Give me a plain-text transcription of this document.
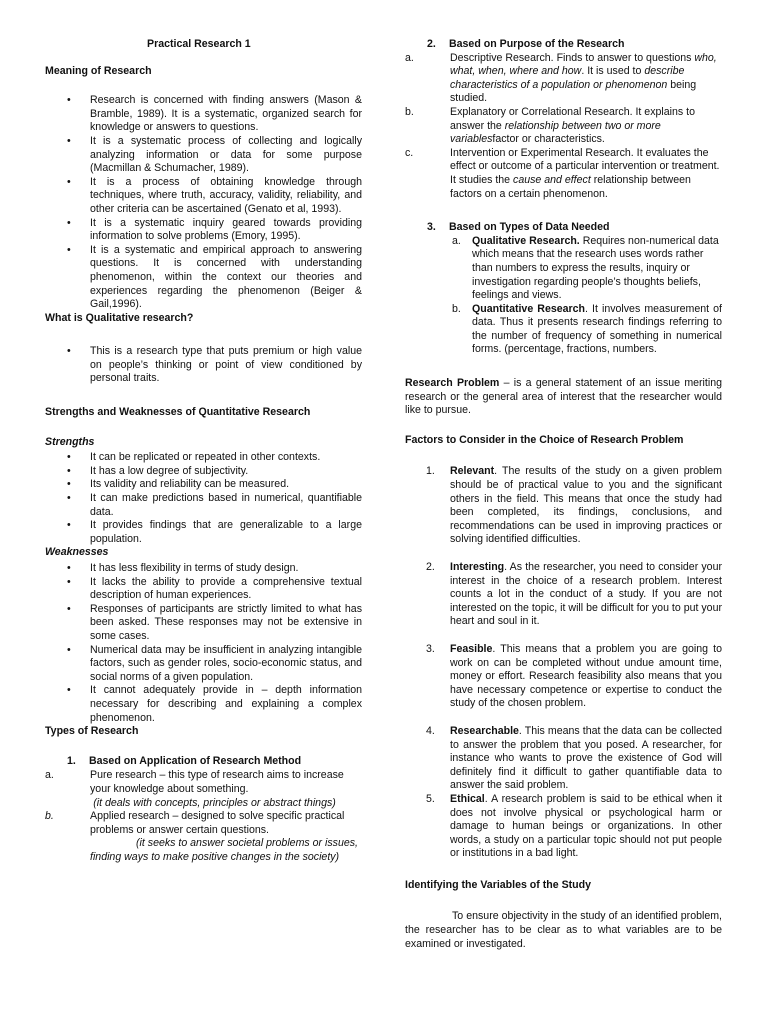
Practical Research 1

Meaning of Research

• Research is concerned with finding answers (Mason & Bramble, 1989). It is a systematic, organized search for knowledge or answers to questions.
• It is a systematic process of collecting and logically analyzing information or data for some purpose (Macmillan & Schumacher, 1989).
• It is a process of obtaining knowledge through techniques, where truth, accuracy, validity, reliability, and other criteria can be ascertained (Genato et al, 1993).
• It is a systematic inquiry geared towards providing information to solve problems (Emory, 1995).
• It is a systematic and empirical approach to answering questions. It is concerned with understanding phenomenon, within the context our theories and experiences regarding the phenomenon (Beiger & Gail,1996).

What is Qualitative research?

• This is a research type that puts premium or high value on people’s thinking or point of view conditioned by personal traits.

Strengths and Weaknesses of Quantitative Research

Strengths

• It can be replicated or repeated in other contexts.
• It has a low degree of subjectivity.
• Its validity and reliability can be measured.
• It can make predictions based in numerical, quantifiable data.
• It provides findings that are generalizable to a large population.

Weaknesses

• It has less flexibility in terms of study design.
• It lacks the ability to provide a comprehensive textual description of human experiences.
• Responses of participants are strictly limited to what has been asked. These responses may not be extensive in some cases.
• Numerical data may be insufficient in analyzing intangible factors, such as gender roles, socio-economic status, and social norms of a given population.
• It cannot adequately provide in – depth information necessary for describing and explaining a complex phenomenon.

Types of Research

1.	Based on Application of Research Method
a.	Pure research – this type of research aims to increase your knowledge about something.

(it deals with concepts, principles or abstract things)

b.	Applied research – designed to solve specific practical problems or answer certain questions.

(it seeks to answer societal problems or issues, finding ways to make positive changes in the society)

2.	Based on Purpose of the Research
a.	Descriptive Research. Finds to answer to questions who, what, when, where and how. It is used to describe characteristics of a population or phenomenon being studied.
b.	Explanatory or Correlational Research. It explains to answer the relationship between two or more variablesfactor or characteristics.
c.	Intervention or Experimental Research. It evaluates the effect or outcome of a particular intervention or treatment. It studies the cause and effect relationship between factors on a certain phenomenon.
3.	Based on Types of Data Needed
a.	Qualitative Research. Requires non-numerical data which means that the research uses words rather than numbers to express the results, inquiry or investigation regarding people’s thoughts beliefs, feelings and views.
b.	Quantitative Research. It involves measurement of data. Thus it presents research findings referring to the number of frequency of something in numerical forms. (percentage, fractions, numbers.

Research Problem – is a general statement of an issue meriting research or the general area of interest that the researcher would like to pursue.

Factors to Consider in the Choice of Research Problem

1.	Relevant. The results of the study on a given problem should be of practical value to you and the significant others in the field. This means that once the study had been completed, its findings, conclusions, and recommendations can be used in improving practices or solving identified difficulties.
2.	Interesting. As the researcher, you need to consider your interest in the choice of a research problem. Interest counts a lot in the conduct of a study. If you are not interested on the topic, it will be difficult for you to put your heart and soul in it.
3.	Feasible. This means that a problem you are going to work on can be completed without undue amount time, money or effort. Research feasibility also means that you have necessary competence or expertise to conduct the study of the chosen problem.
4.	Researchable. This means that the data can be collected to answer the problem that you posed. A researcher, for instance who wants to prove the existence of God will definitely find it difficult to gather quantifiable data to answer the said problem.
5.	Ethical. A research problem is said to be ethical when it does not involve physical or psychological harm or damage to human beings or organizations. In other words, a study on a particular topic should not put people or institutions in a bad light.

Identifying the Variables of the Study

To ensure objectivity in the study of an identified problem, the researcher has to be clear as to what variables are to be examined or investigated.
